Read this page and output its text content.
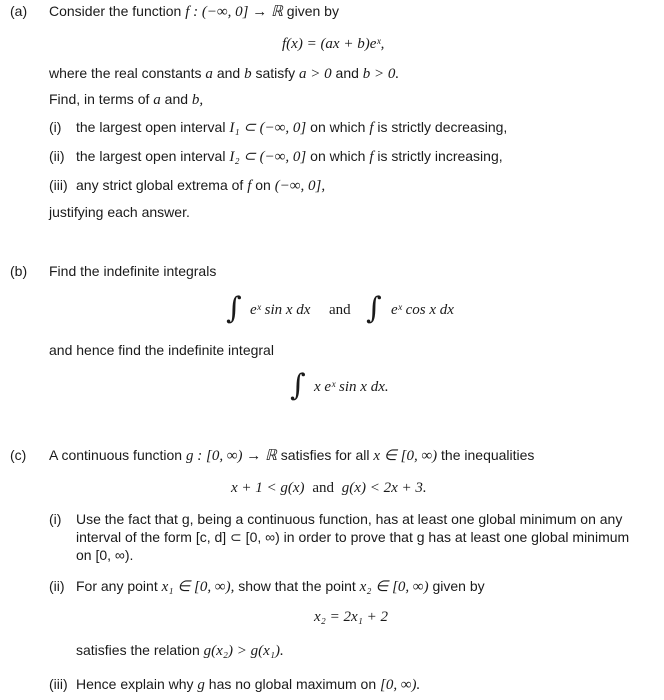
(a) Consider the function f : (−∞, 0] → ℝ given by
f(x) = (ax + b)eˣ,
where the real constants a and b satisfy a > 0 and b > 0.
Find, in terms of a and b,
(i) the largest open interval I₁ ⊂ (−∞, 0] on which f is strictly decreasing,
(ii) the largest open interval I₂ ⊂ (−∞, 0] on which f is strictly increasing,
(iii) any strict global extrema of f on (−∞, 0],
justifying each answer.
(b) Find the indefinite integrals
∫ eˣ sin x dx and ∫ eˣ cos x dx
and hence find the indefinite integral
∫ x eˣ sin x dx.
(c) A continuous function g : [0, ∞) → ℝ satisfies for all x ∈ [0, ∞) the inequalities
x + 1 < g(x) and g(x) < 2x + 3.
(i) Use the fact that g, being a continuous function, has at least one global minimum on any
interval of the form [c, d] ⊂ [0, ∞) in order to prove that g has at least one global minimum
on [0, ∞).
(ii) For any point x₁ ∈ [0, ∞), show that the point x₂ ∈ [0, ∞) given by
x₂ = 2x₁ + 2
satisfies the relation g(x₂) > g(x₁).
(iii) Hence explain why g has no global maximum on [0, ∞).
